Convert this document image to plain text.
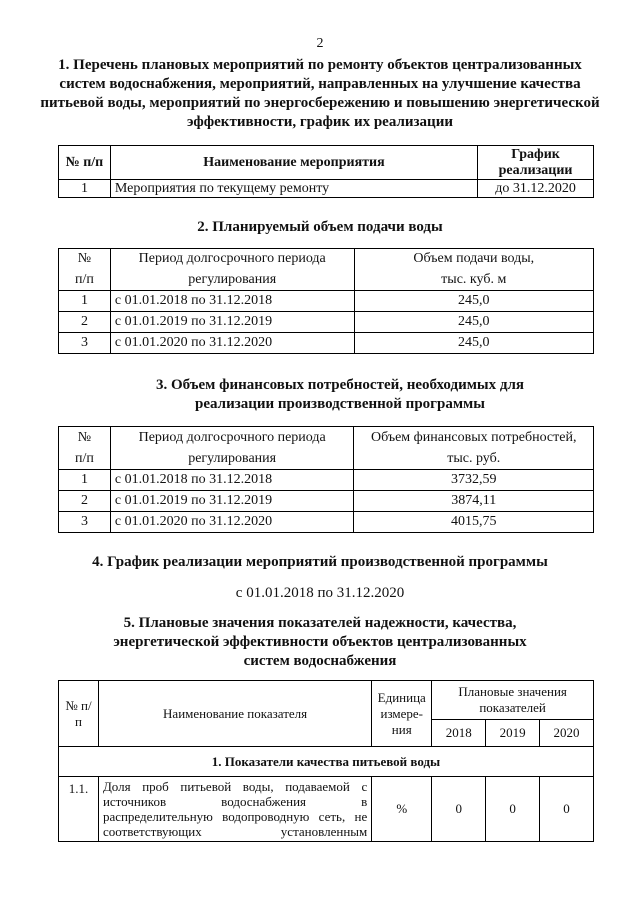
2
1. Перечень плановых мероприятий по ремонту объектов централизованных систем водоснабжения, мероприятий, направленных на улучшение качества питьевой воды, мероприятий по энергосбережению и повышению энергетической эффективности, график их реализации
№ п/п	Наименование мероприятия	График реализации
1	Мероприятия по текущему ремонту	до 31.12.2020
2. Планируемый объем подачи воды
№	Период долгосрочного периода	Объем подачи воды,
п/п	регулирования	тыс. куб. м
1	с 01.01.2018 по 31.12.2018	245,0
2	с 01.01.2019 по 31.12.2019	245,0
3	с 01.01.2020 по 31.12.2020	245,0
3. Объем финансовых потребностей, необходимых для реализации производственной программы
№	Период долгосрочного периода	Объем финансовых потребностей,
п/п	регулирования	тыс. руб.
1	с 01.01.2018 по 31.12.2018	3732,59
2	с 01.01.2019 по 31.12.2019	3874,11
3	с 01.01.2020 по 31.12.2020	4015,75
4. График реализации мероприятий производственной программы
с 01.01.2018 по 31.12.2020
5. Плановые значения показателей надежности, качества, энергетической эффективности объектов централизованных систем водоснабжения
№ п/п	Наименование показателя	Единица измере-ния	Плановые значения показателей		
			2018	2019	2020
1. Показатели качества питьевой воды					
1.1.	Доля проб питьевой воды, подаваемой с источников водоснабжения в распределительную водопроводную сеть, не соответствующих установленным	%	0	0	0
